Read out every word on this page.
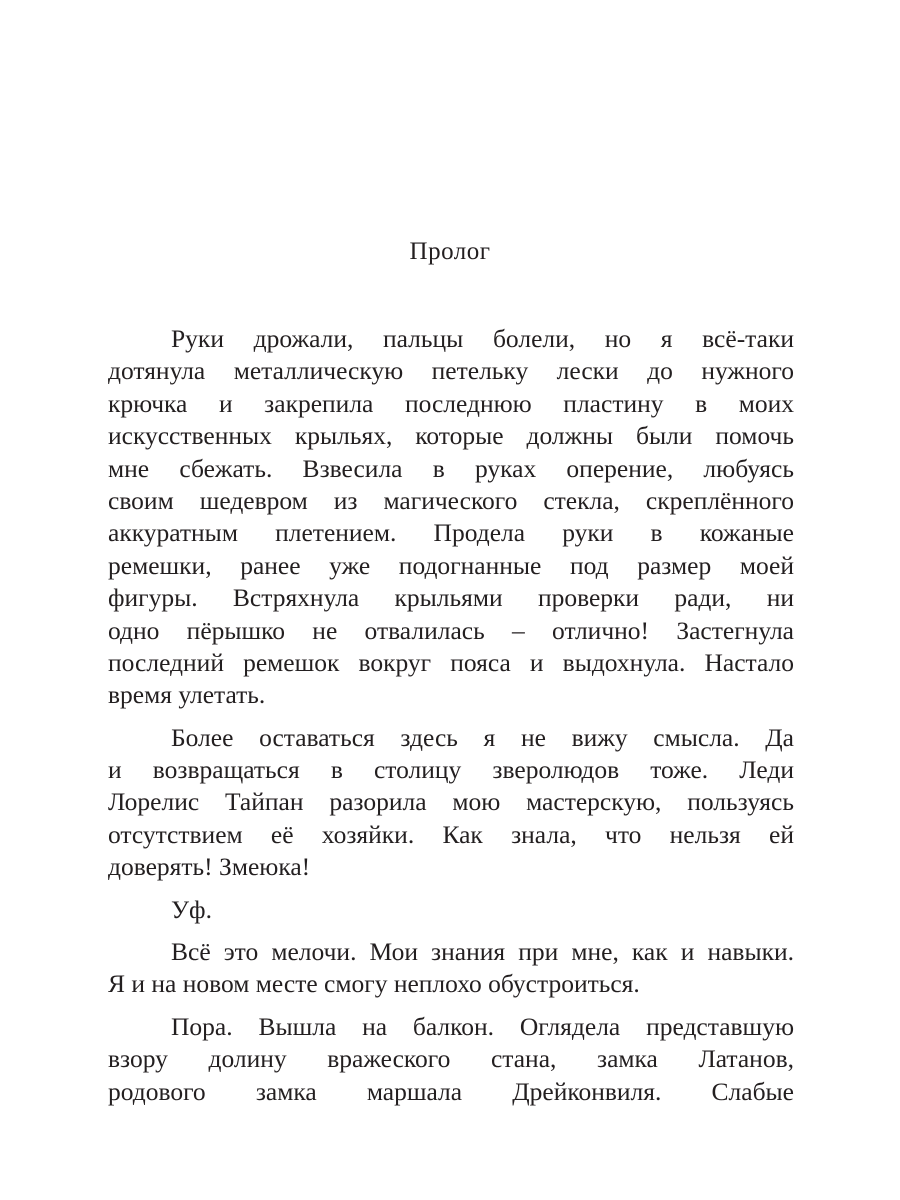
Пролог
Руки дрожали, пальцы болели, но я всё-таки
дотянула металлическую петельку лески до нужного
крючка и закрепила последнюю пластину в моих
искусственных крыльях, которые должны были помочь
мне сбежать. Взвесила в руках оперение, любуясь
своим шедевром из магического стекла, скреплённого
аккуратным плетением. Продела руки в кожаные
ремешки, ранее уже подогнанные под размер моей
фигуры. Встряхнула крыльями проверки ради, ни
одно пёрышко не отвалилась – отлично! Застегнула
последний ремешок вокруг пояса и выдохнула. Настало
время улетать.
Более оставаться здесь я не вижу смысла. Да
и возвращаться в столицу зверолюдов тоже. Леди
Лорелис Тайпан разорила мою мастерскую, пользуясь
отсутствием её хозяйки. Как знала, что нельзя ей
доверять! Змеюка!
Уф.
Всё это мелочи. Мои знания при мне, как и навыки.
Я и на новом месте смогу неплохо обустроиться.
Пора. Вышла на балкон. Оглядела представшую
взору долину вражеского стана, замка Латанов,
родового замка маршала Дрейконвиля. Слабые
